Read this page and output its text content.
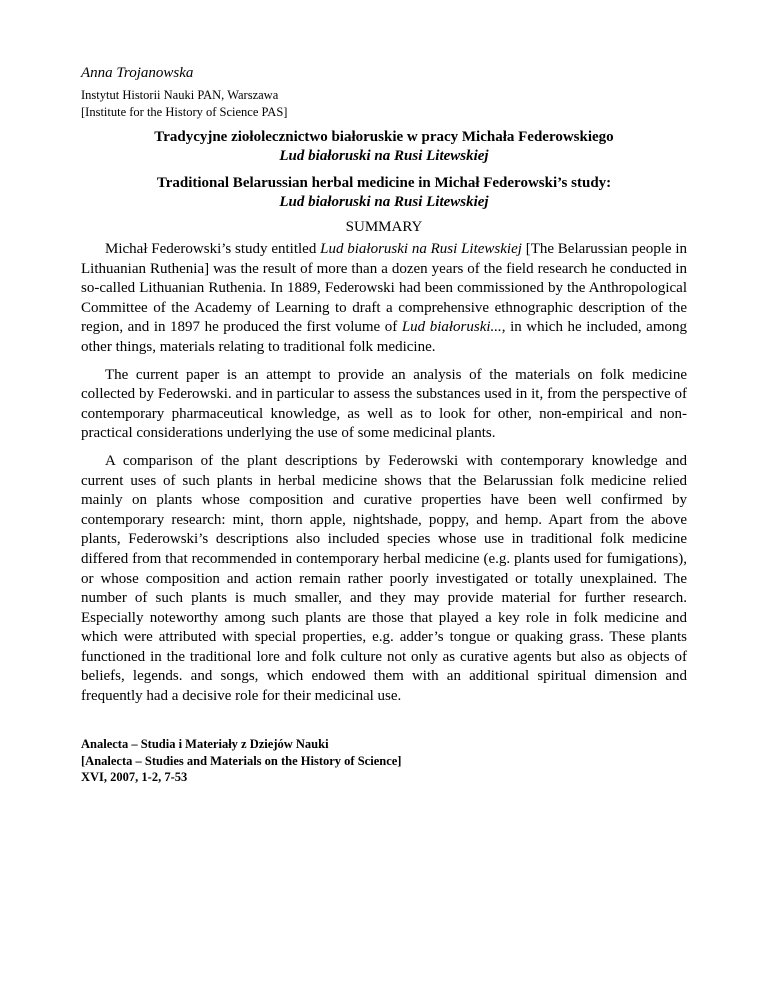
Anna Trojanowska
Instytut Historii Nauki PAN, Warszawa
[Institute for the History of Science PAS]
Tradycyjne ziołolecznictwo białoruskie w pracy Michała Federowskiego
Lud białoruski na Rusi Litewskiej
Traditional Belarussian herbal medicine in Michał Federowski’s study:
Lud białoruski na Rusi Litewskiej
SUMMARY

Michał Federowski’s study entitled Lud białoruski na Rusi Litewskiej [The Belarussian people in Lithuanian Ruthenia] was the result of more than a dozen years of the field research he conducted in so-called Lithuanian Ruthenia. In 1889, Federowski had been commissioned by the Anthropological Committee of the Academy of Learning to draft a comprehensive ethnographic description of the region, and in 1897 he produced the first volume of Lud białoruski..., in which he included, among other things, materials relating to traditional folk medicine.

The current paper is an attempt to provide an analysis of the materials on folk medicine collected by Federowski. and in particular to assess the substances used in it, from the perspective of contemporary pharmaceutical knowledge, as well as to look for other, non-empirical and non-practical considerations underlying the use of some medicinal plants.

A comparison of the plant descriptions by Federowski with contemporary knowledge and current uses of such plants in herbal medicine shows that the Belarussian folk medicine relied mainly on plants whose composition and curative properties have been well confirmed by contemporary research: mint, thorn apple, nightshade, poppy, and hemp. Apart from the above plants, Federowski’s descriptions also included species whose use in traditional folk medicine differed from that recommended in contemporary herbal medicine (e.g. plants used for fumigations), or whose composition and action remain rather poorly investigated or totally unexplained. The number of such plants is much smaller, and they may provide material for further research. Especially noteworthy among such plants are those that played a key role in folk medicine and which were attributed with special properties, e.g. adder’s tongue or quaking grass. These plants functioned in the traditional lore and folk culture not only as curative agents but also as objects of beliefs, legends. and songs, which endowed them with an additional spiritual dimension and frequently had a decisive role for their medicinal use.

Analecta – Studia i Materiały z Dziejów Nauki
[Analecta – Studies and Materials on the History of Science]
XVI, 2007, 1-2, 7-53
